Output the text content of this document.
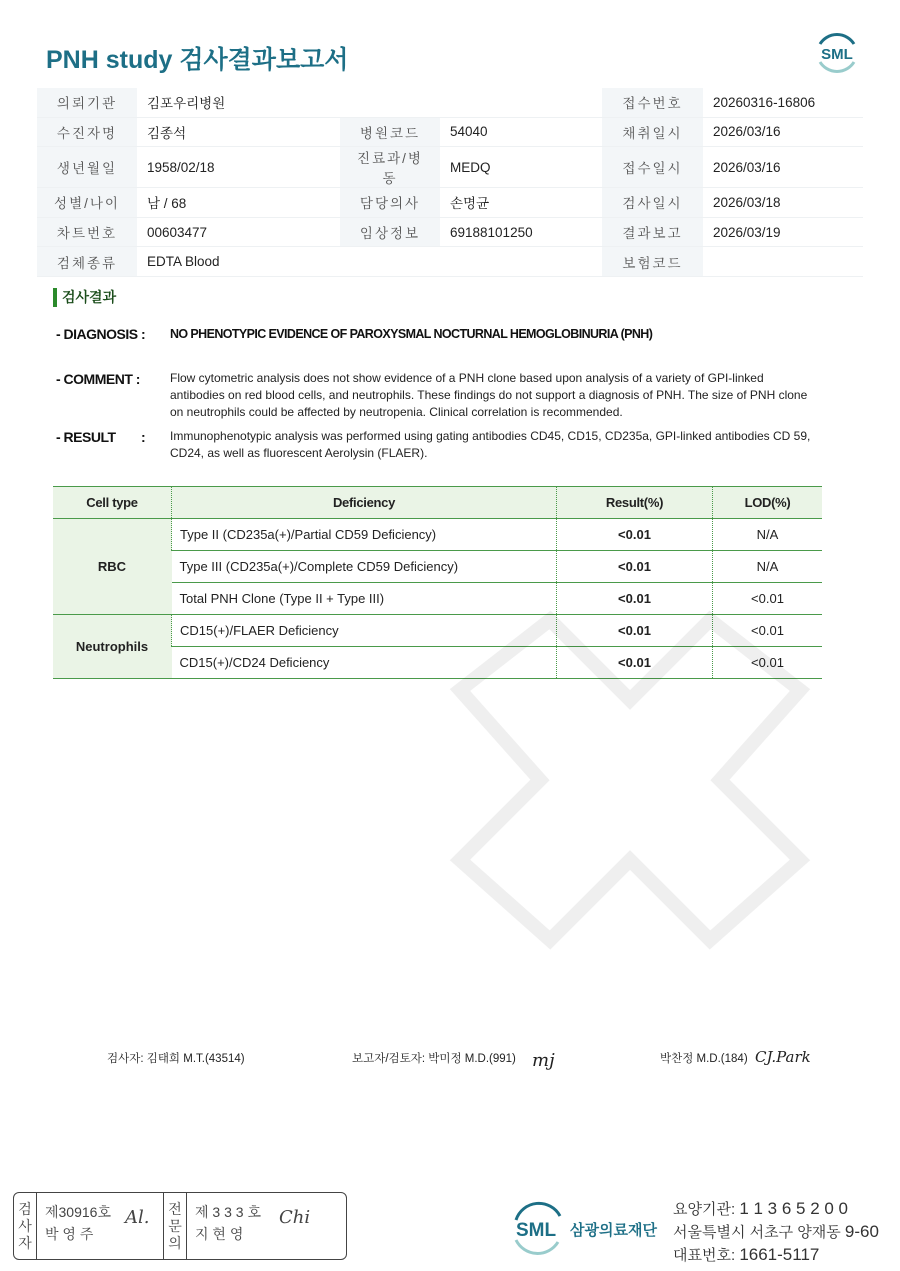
PNH study 검사결과보고서	SML
의뢰기관	김포우리병원			접수번호	20260316-16806
수진자명	김종석	병원코드	54040	채취일시	2026/03/16
생년월일	1958/02/18	진료과/병동	MEDQ	접수일시	2026/03/16
성별/나이	남 / 68	담당의사	손명균	검사일시	2026/03/18
차트번호	00603477	임상정보	69188101250	결과보고	2026/03/19
검체종류	EDTA Blood			보험코드	
검사결과
- DIAGNOSIS : NO PHENOTYPIC EVIDENCE OF PAROXYSMAL NOCTURNAL HEMOGLOBINURIA (PNH)
- COMMENT :	Flow cytometric analysis does not show evidence of a PNH clone based upon analysis of a variety of GPI-linked antibodies on red blood cells, and neutrophils. These findings do not support a diagnosis of PNH. The size of PNH clone on neutrophils could be affected by neutropenia. Clinical correlation is recommended.
- RESULT : Immunophenotypic analysis was performed using gating antibodies CD45, CD15, CD235a, GPI-linked antibodies CD 59, CD24, as well as fluorescent Aerolysin (FLAER).
Cell type	Deficiency	Result(%)	LOD(%)
RBC	Type II (CD235a(+)/Partial CD59 Deficiency)	<0.01	N/A
	Type III (CD235a(+)/Complete CD59 Deficiency)	<0.01	N/A
	Total PNH Clone (Type II + Type III)	<0.01	<0.01
Neutrophils	CD15(+)/FLAER Deficiency	<0.01	<0.01
	CD15(+)/CD24 Deficiency	<0.01	<0.01
검사자: 김태희 M.T.(43514)	보고자/검토자: 박미정 M.D.(991) mj	박찬정 M.D.(184) CJ.Park
검
사
자
제30916호
박 영 주
Al. 전
문
의
제 3 3 3 호
지 현 영
Chi
SML 삼광의료재단
요양기관: 1 1 3 6 5 2 0 0
서울특별시 서초구 양재동 9-60
대표번호: 1661-5117
